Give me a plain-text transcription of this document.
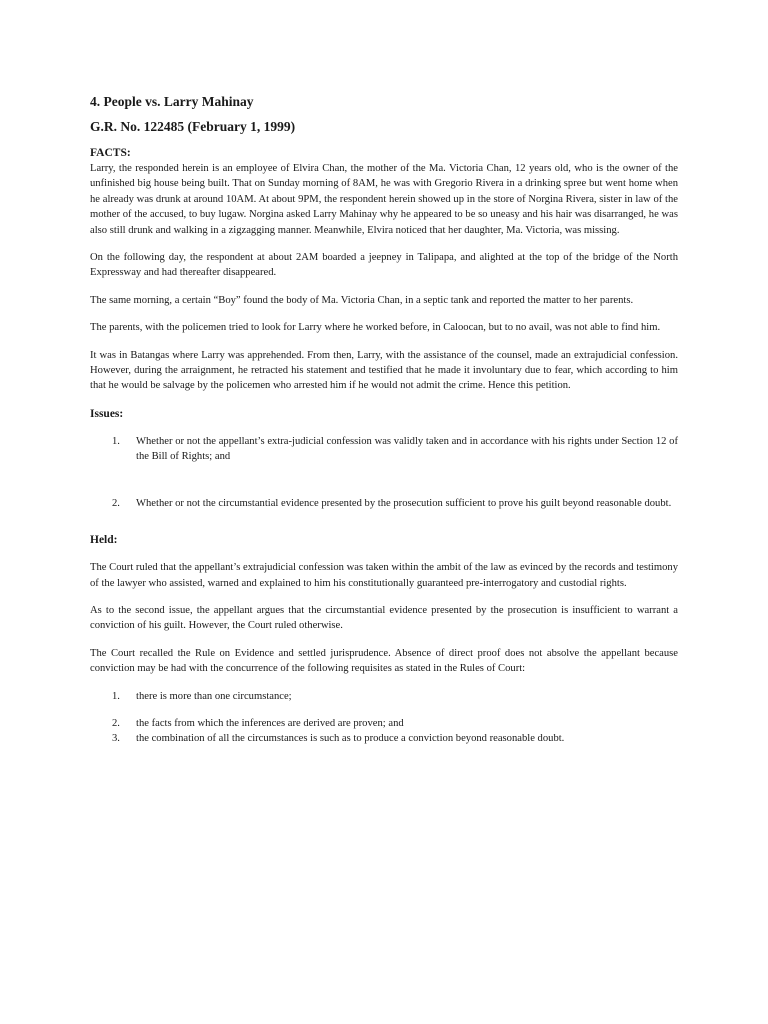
4. People vs. Larry Mahinay
G.R. No. 122485 (February 1, 1999)
FACTS:

Larry, the responded herein is an employee of Elvira Chan, the mother of the Ma. Victoria Chan, 12 years old, who is the owner of the unfinished big house being built. That on Sunday morning of 8AM, he was with Gregorio Rivera in a drinking spree but went home when he already was drunk at around 10AM. At about 9PM, the respondent herein showed up in the store of Norgina Rivera, sister in law of the mother of the accused, to buy lugaw. Norgina asked Larry Mahinay why he appeared to be so uneasy and his hair was disarranged, he was also still drunk and walking in a zigzagging manner. Meanwhile, Elvira noticed that her daughter, Ma. Victoria, was missing.

On the following day, the respondent at about 2AM boarded a jeepney in Talipapa, and alighted at the top of the bridge of the North Expressway and had thereafter disappeared.

The same morning, a certain “Boy” found the body of Ma. Victoria Chan, in a septic tank and reported the matter to her parents.

The parents, with the policemen tried to look for Larry where he worked before, in Caloocan, but to no avail, was not able to find him.

It was in Batangas where Larry was apprehended. From then, Larry, with the assistance of the counsel, made an extrajudicial confession. However, during the arraignment, he retracted his statement and testified that he made it involuntary due to fear, which according to him that he would be salvage by the policemen who arrested him if he would not admit the crime. Hence this petition.

Issues:
1. Whether or not the appellant’s extra-judicial confession was validly taken and in accordance with his rights under Section 12 of the Bill of Rights; and
2. Whether or not the circumstantial evidence presented by the prosecution sufficient to prove his guilt beyond reasonable doubt.
Held:

The Court ruled that the appellant’s extrajudicial confession was taken within the ambit of the law as evinced by the records and testimony of the lawyer who assisted, warned and explained to him his constitutionally guaranteed pre-interrogatory and custodial rights.

As to the second issue, the appellant argues that the circumstantial evidence presented by the prosecution is insufficient to warrant a conviction of his guilt. However, the Court ruled otherwise.

The Court recalled the Rule on Evidence and settled jurisprudence. Absence of direct proof does not absolve the appellant because conviction may be had with the concurrence of the following requisites as stated in the Rules of Court:

1. there is more than one circumstance;
2. the facts from which the inferences are derived are proven; and
3. the combination of all the circumstances is such as to produce a conviction beyond reasonable doubt.
